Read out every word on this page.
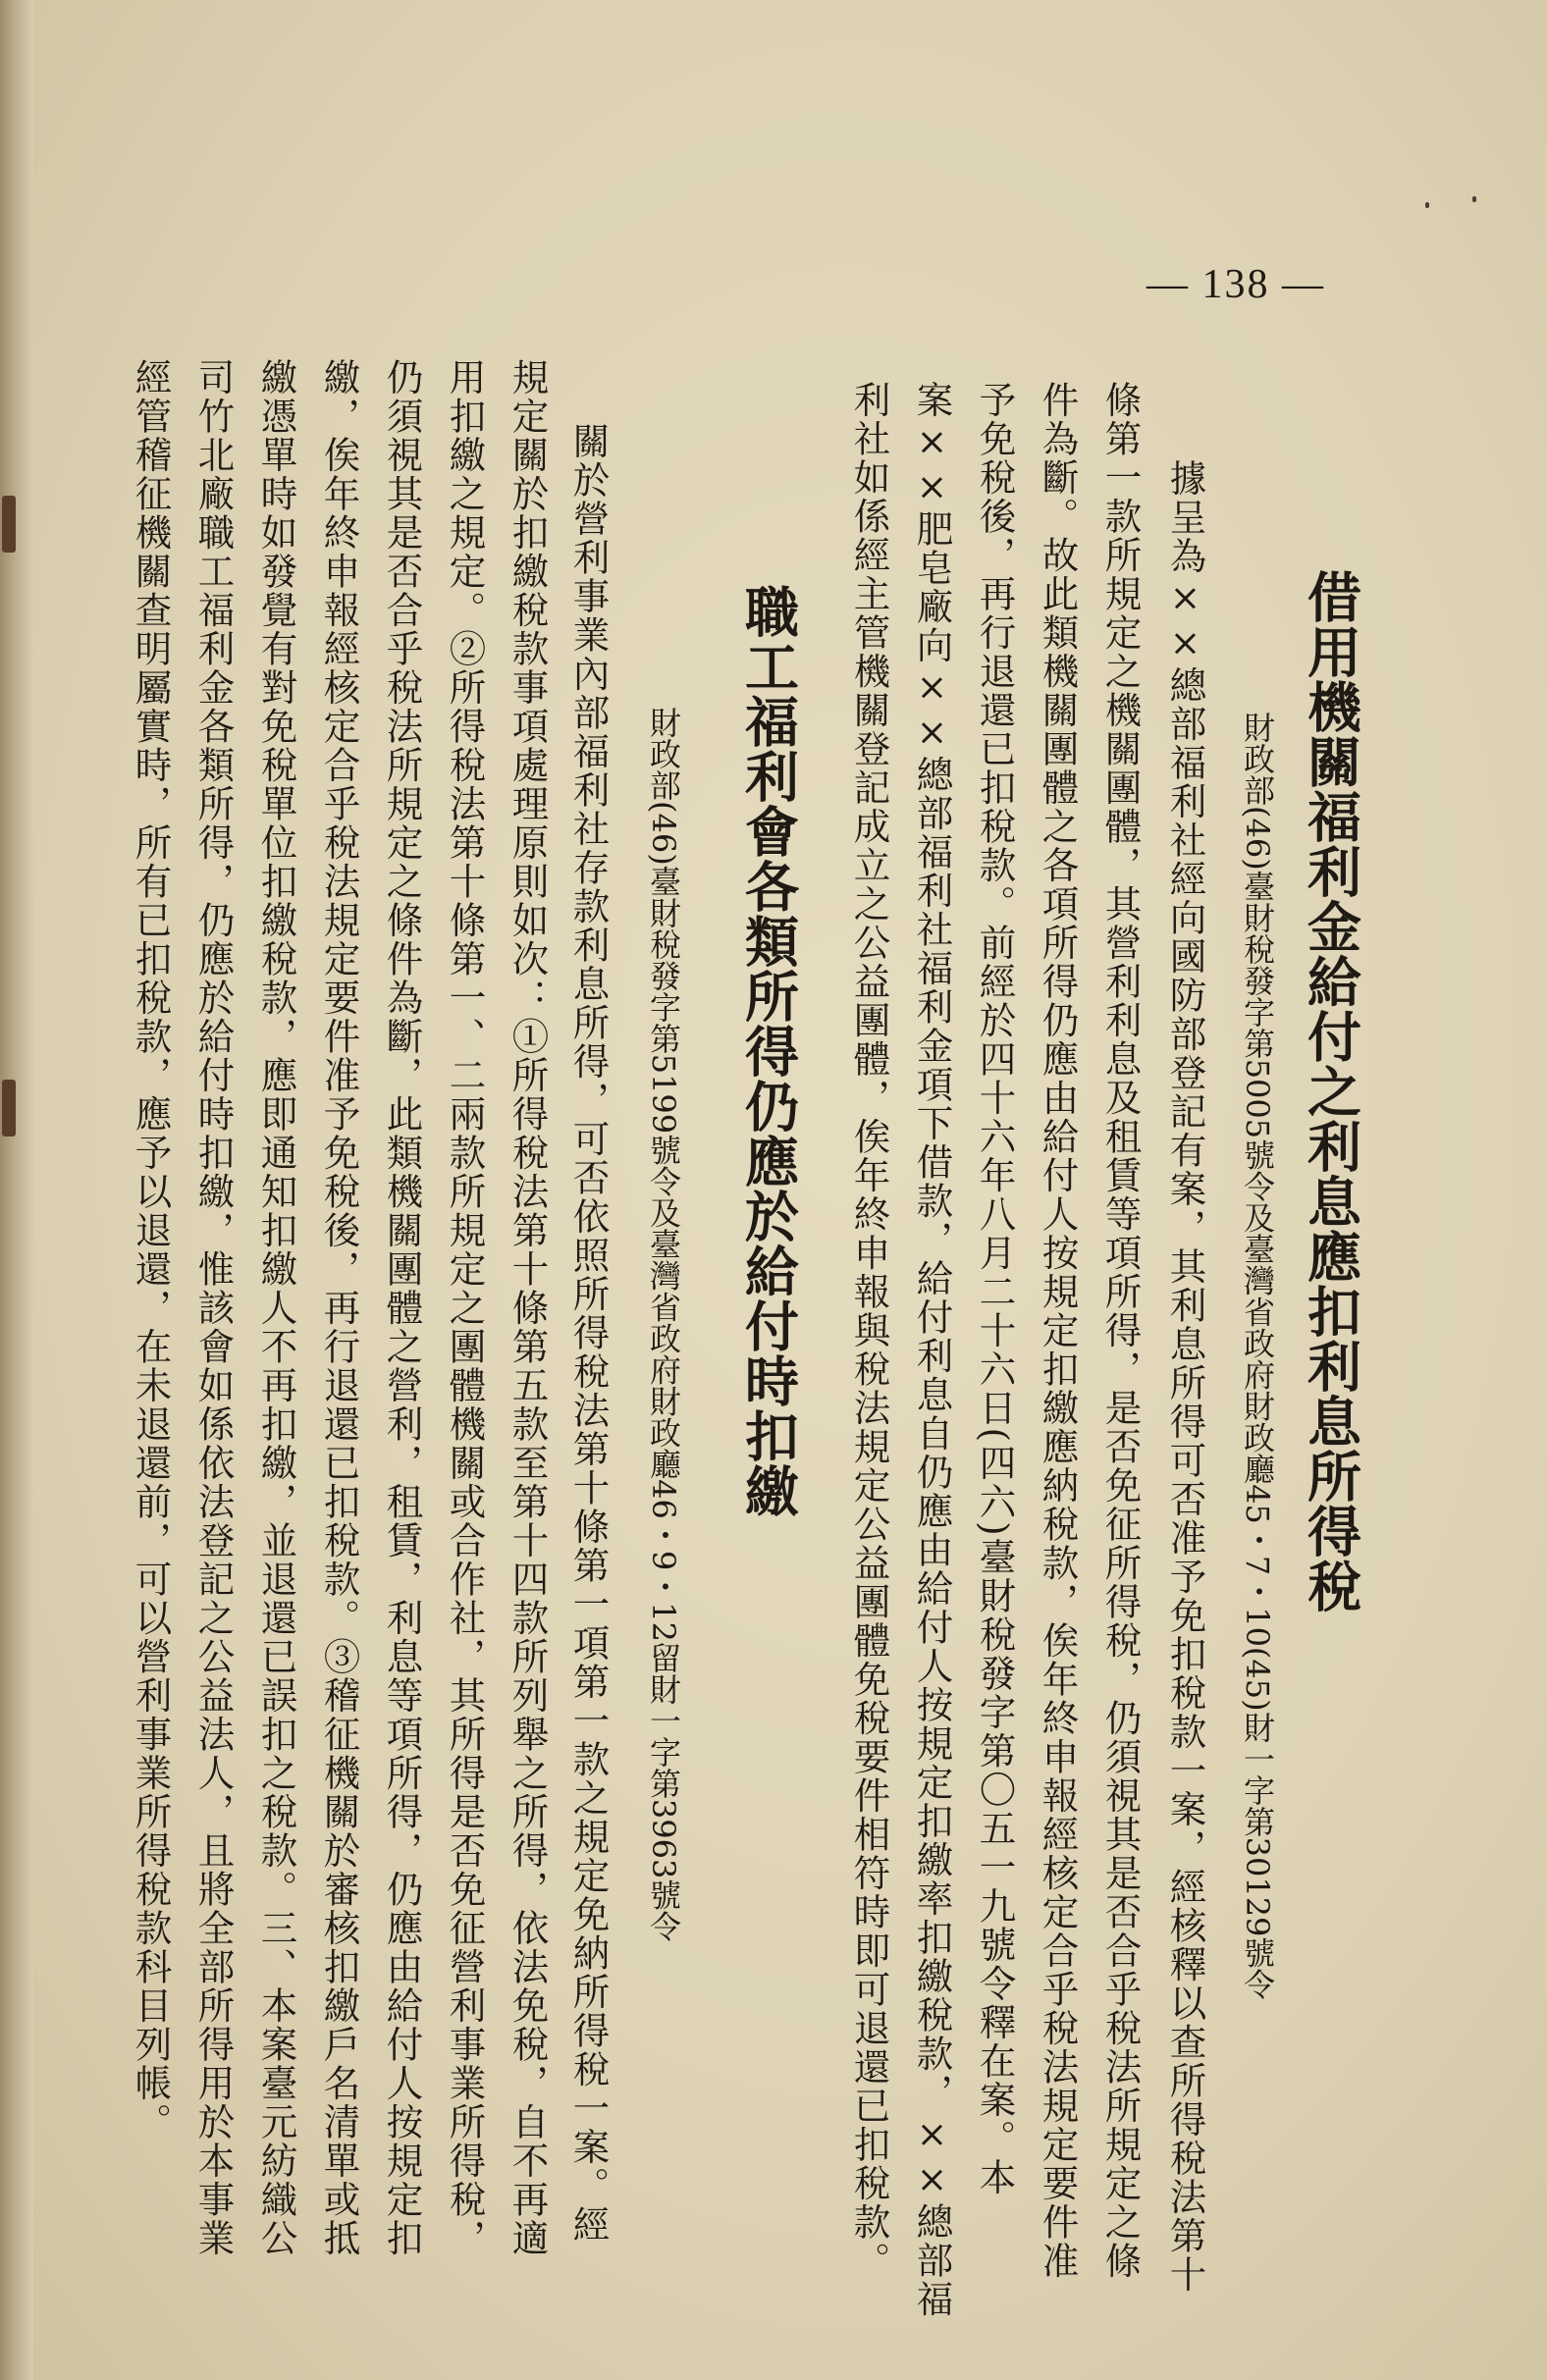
— 138 —
借用機關福利金給付之利息應扣利息所得稅
財政部(46)臺財稅發字第5005號令及臺灣省政府財政廳45・7・10(45)財一字第30129號令
據呈為××總部福利社經向國防部登記有案，其利息所得可否准予免扣稅款一案，經核釋以查所得稅法第十
條第一款所規定之機關團體，其營利利息及租賃等項所得，是否免征所得稅，仍須視其是否合乎稅法所規定之條
件為斷。故此類機關團體之各項所得仍應由給付人按規定扣繳應納稅款，俟年終申報經核定合乎稅法規定要件准
予免稅後，再行退還已扣稅款。前經於四十六年八月二十六日(四六)臺財稅發字第〇五一九號令釋在案。本
案××肥皂廠向××總部福利社福利金項下借款，給付利息自仍應由給付人按規定扣繳率扣繳稅款，××總部福
利社如係經主管機關登記成立之公益團體，俟年終申報與稅法規定公益團體免稅要件相符時即可退還已扣稅款。
職工福利會各類所得仍應於給付時扣繳
財政部(46)臺財稅發字第5199號令及臺灣省政府財政廳46・9・12留財一字第3963號令
關於營利事業內部福利社存款利息所得，可否依照所得稅法第十條第一項第一款之規定免納所得稅一案。經
規定關於扣繳稅款事項處理原則如次：①所得稅法第十條第五款至第十四款所列舉之所得，依法免稅，自不再適
用扣繳之規定。②所得稅法第十條第一、二兩款所規定之團體機關或合作社，其所得是否免征營利事業所得稅，
仍須視其是否合乎稅法所規定之條件為斷，此類機關團體之營利，租賃，利息等項所得，仍應由給付人按規定扣
繳，俟年終申報經核定合乎稅法規定要件准予免稅後，再行退還已扣稅款。③稽征機關於審核扣繳戶名清單或抵
繳憑單時如發覺有對免稅單位扣繳稅款，應即通知扣繳人不再扣繳，並退還已誤扣之稅款。三、本案臺元紡織公
司竹北廠職工福利金各類所得，仍應於給付時扣繳，惟該會如係依法登記之公益法人，且將全部所得用於本事業
經管稽征機關查明屬實時，所有已扣稅款，應予以退還，在未退還前，可以營利事業所得稅款科目列帳。
